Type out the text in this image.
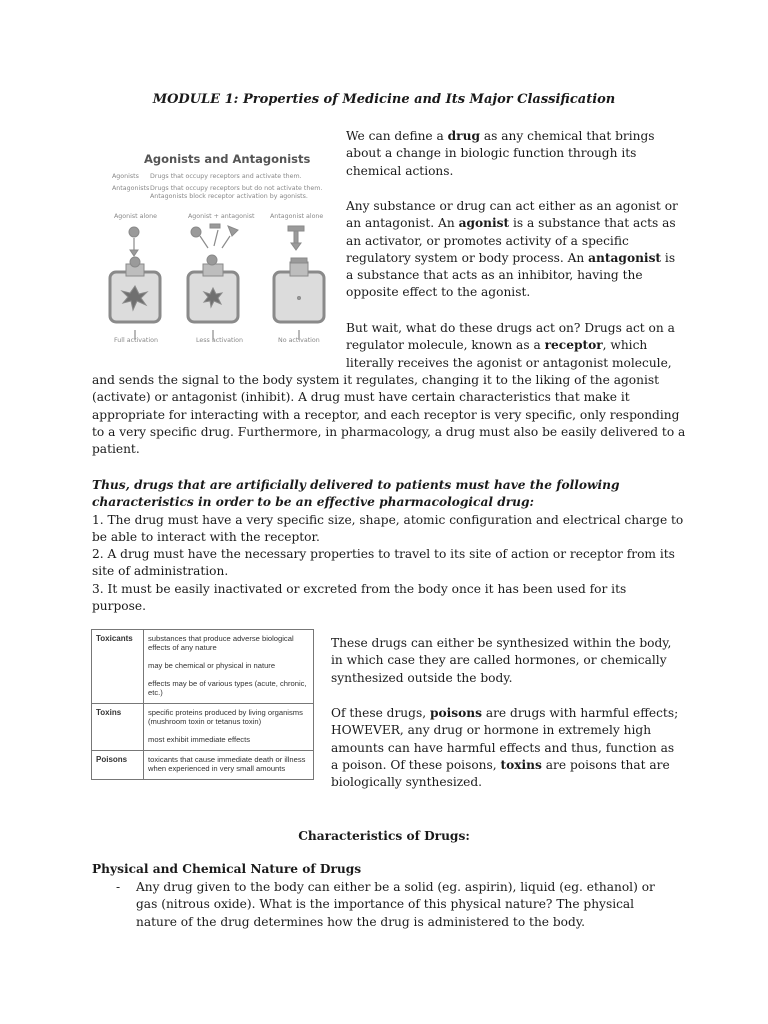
MODULE 1: Properties of Medicine and Its Major Classification
Agonists and Antagonists
Agonists Drugs that occupy receptors and activate them.
Antagonists Drugs that occupy receptors but do not activate them.
Antagonists block receptor activation by agonists.
Agonist alone	Agonist + antagonist Antagonist alone
Full activation	Less activation	No activation

We can define a drug as any chemical that brings about a change in biologic function through its chemical actions.

Any substance or drug can act either as an agonist or an antagonist. An agonist is a substance that acts as an activator, or promotes activity of a specific regulatory system or body process. An antagonist is a substance that acts as an inhibitor, having the opposite effect to the agonist.

But wait, what do these drugs act on? Drugs act on a
regulator molecule, known as a receptor, which
literally receives the agonist or antagonist molecule,
and sends the signal to the body system it regulates, changing it to the liking of the agonist
(activate) or antagonist (inhibit). A drug must have certain characteristics that make it
appropriate for interacting with a receptor, and each receptor is very specific, only responding
to a very specific drug. Furthermore, in pharmacology, a drug must also be easily delivered to a
patient.

Thus, drugs that are artificially delivered to patients must have the following characteristics in order to be an effective pharmacological drug:

1. The drug must have a very specific size, shape, atomic configuration and electrical charge to be able to interact with the receptor.

2. A drug must have the necessary properties to travel to its site of action or receptor from its site of administration.

3. It must be easily inactivated or excreted from the body once it has been used for its purpose.

Toxicants	substances that produce adverse biological effects of any nature
may be chemical or physical in nature
effects may be of various types (acute, chronic, etc.)

Toxins	specific proteins produced by living organisms (mushroom toxin or tetanus toxin)
most exhibit immediate effects

Poisons	toxicants that cause immediate death or illness when experienced in very small amounts

These drugs can either be synthesized within the body, in which case they are called hormones, or chemically synthesized outside the body.

Of these drugs, poisons are drugs with harmful effects; HOWEVER, any drug or hormone in extremely high amounts can have harmful effects and thus, function as a poison. Of these poisons, toxins are poisons that are biologically synthesized.

Characteristics of Drugs:
Physical and Chemical Nature of Drugs
- Any drug given to the body can either be a solid (eg. aspirin), liquid (eg. ethanol) or gas (nitrous oxide). What is the importance of this physical nature? The physical nature of the drug determines how the drug is administered to the body.
